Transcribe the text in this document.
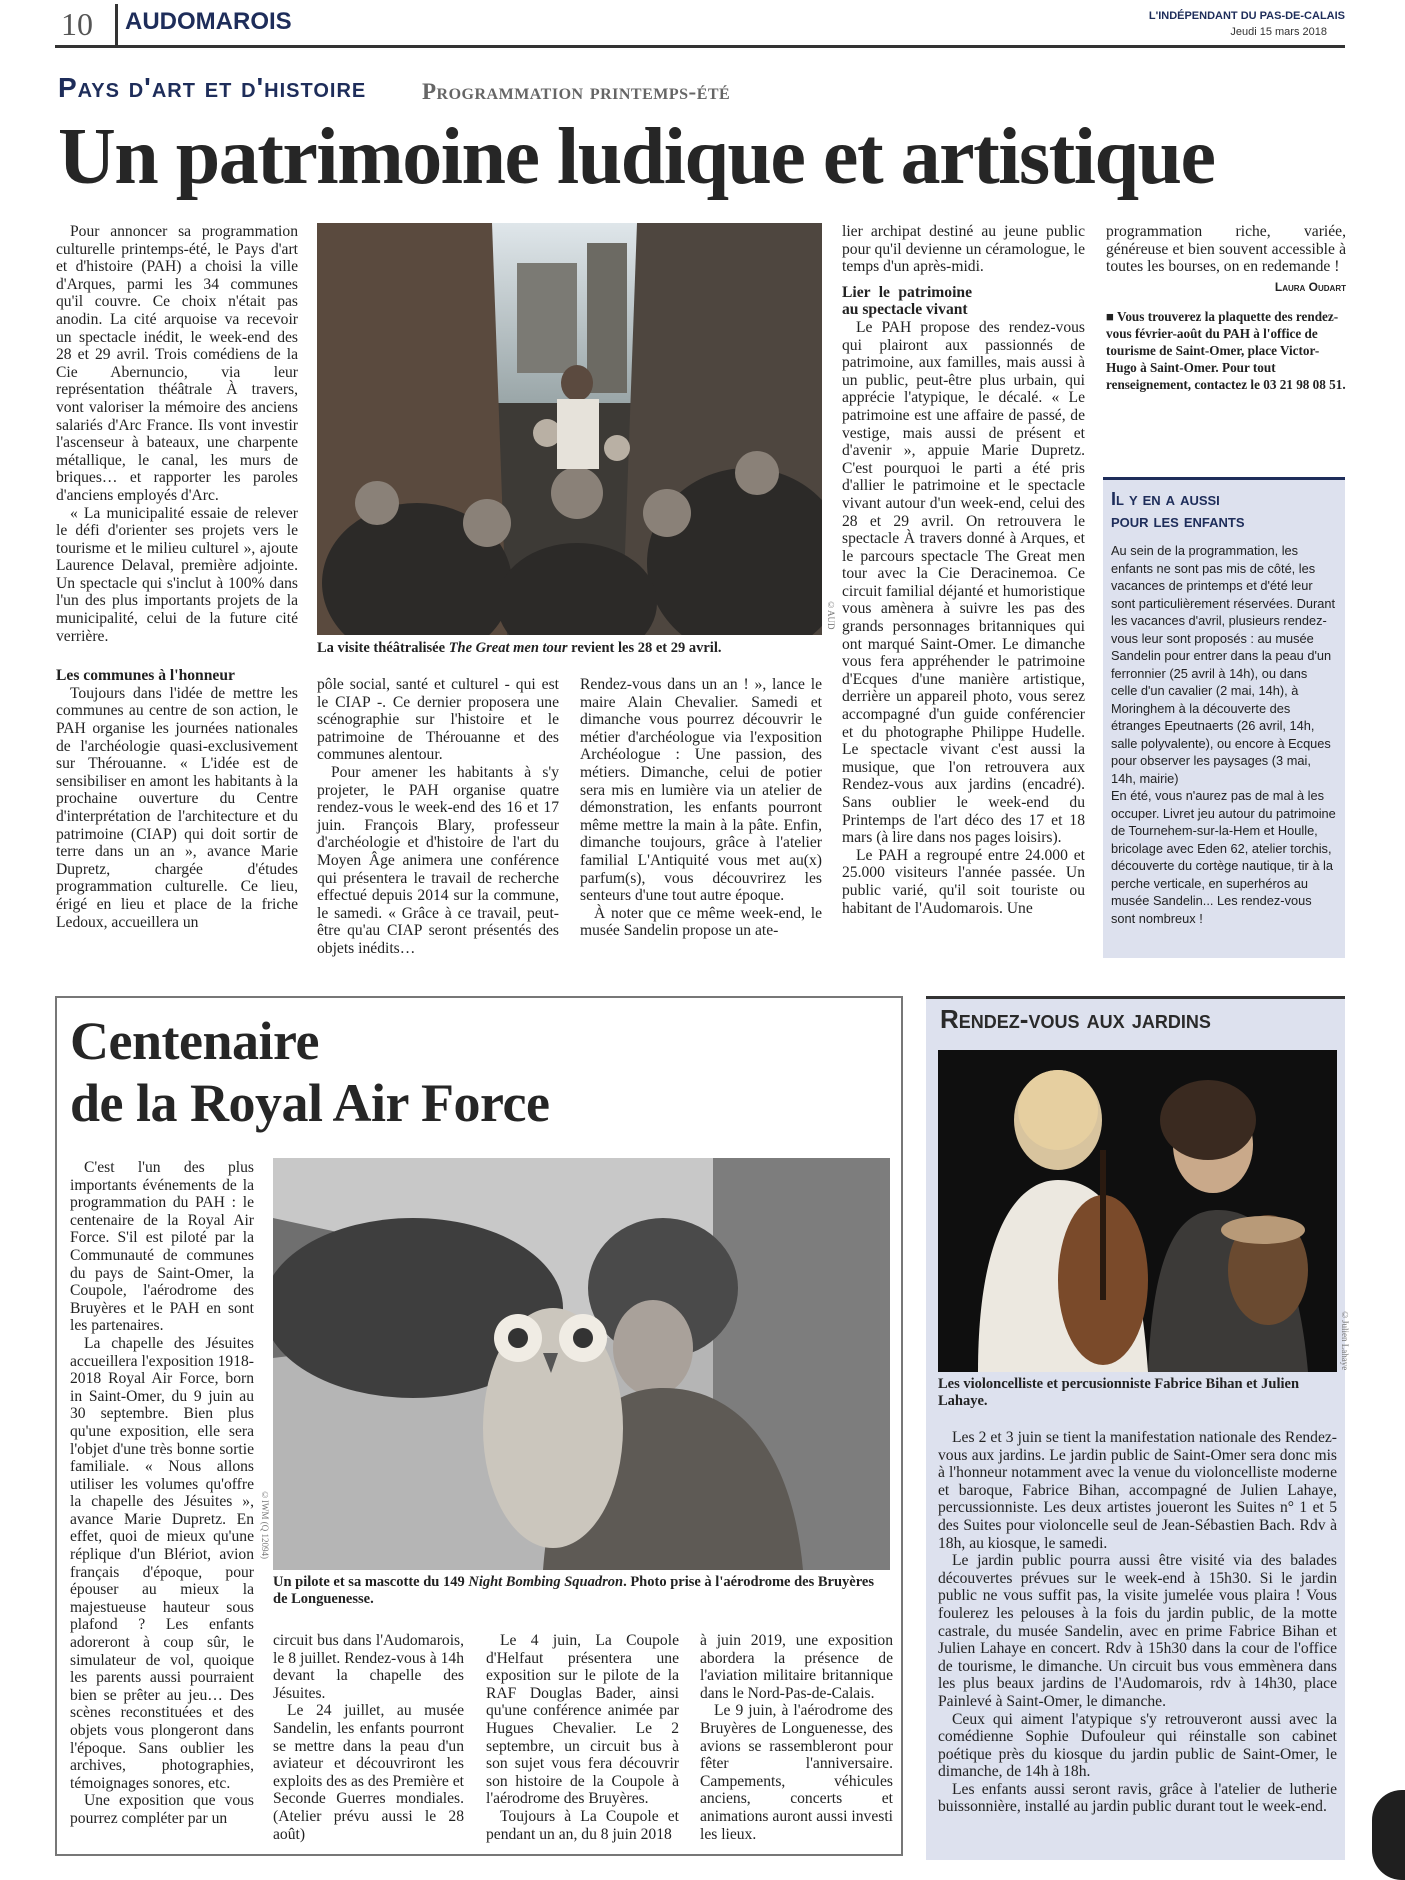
10 AUDOMAROIS	L'INDÉPENDANT DU PAS-DE-CALAIS
Jeudi 15 mars 2018
Pays d'art et d'histoire Programmation printemps-été
Un patrimoine ludique et artistique

Pour annoncer sa programmation culturelle printemps-été, le Pays d'art et d'histoire (PAH) a choisi la ville d'Arques, parmi les 34 communes qu'il couvre. Ce choix n'était pas anodin. La cité arquoise va recevoir un spectacle inédit, le week-end des 28 et 29 avril. Trois comédiens de la Cie Abernuncio, via leur représentation théâtrale À travers, vont valoriser la mémoire des anciens salariés d'Arc France. Ils vont investir l'ascenseur à bateaux, une charpente métallique, le canal, les murs de briques… et rapporter les paroles d'anciens employés d'Arc.

« La municipalité essaie de relever le défi d'orienter ses projets vers le tourisme et le milieu culturel », ajoute Laurence Delaval, première adjointe. Un spectacle qui s'inclut à 100% dans l'un des plus importants projets de la municipalité, celui de la future cité verrière.

Les communes à l'honneur

Toujours dans l'idée de mettre les communes au centre de son action, le PAH organise les journées nationales de l'archéologie quasi-exclusivement sur Thérouanne. « L'idée est de sensibiliser en amont les habitants à la prochaine ouverture du Centre d'interprétation de l'architecture et du patrimoine (CIAP) qui doit sortir de terre dans un an », avance Marie Dupretz, chargée d'études programmation culturelle. Ce lieu, érigé en lieu et place de la friche Ledoux, accueillera un

©AUD
La visite théâtralisée The Great men tour revient les 28 et 29 avril.

pôle social, santé et culturel - qui est le CIAP -. Ce dernier proposera une scénographie sur l'histoire et le patrimoine de Thérouanne et des communes alentour.

Pour amener les habitants à s'y projeter, le PAH organise quatre rendez-vous le week-end des 16 et 17 juin. François Blary, professeur d'archéologie et d'histoire de l'art du Moyen Âge animera une conférence qui présentera le travail de recherche effectué depuis 2014 sur la commune, le samedi. « Grâce à ce travail, peut-être qu'au CIAP seront présentés des objets inédits…

Rendez-vous dans un an ! », lance le maire Alain Chevalier. Samedi et dimanche vous pourrez découvrir le métier d'archéologue via l'exposition Archéologue : Une passion, des métiers. Dimanche, celui de potier sera mis en lumière via un atelier de démonstration, les enfants pourront même mettre la main à la pâte. Enfin, dimanche toujours, grâce à l'atelier familial L'Antiquité vous met au(x) parfum(s), vous découvrirez les senteurs d'une tout autre époque.

À noter que ce même week-end, le musée Sandelin propose un ate-

lier archipat destiné au jeune public pour qu'il devienne un céramologue, le temps d'un après-midi.

Lier le patrimoine au spectacle vivant

Le PAH propose des rendez-vous qui plairont aux passionnés de patrimoine, aux familles, mais aussi à un public, peut-être plus urbain, qui apprécie l'atypique, le décalé. « Le patrimoine est une affaire de passé, de vestige, mais aussi de présent et d'avenir », appuie Marie Dupretz. C'est pourquoi le parti a été pris d'allier le patrimoine et le spectacle vivant autour d'un week-end, celui des 28 et 29 avril. On retrouvera le spectacle À travers donné à Arques, et le parcours spectacle The Great men tour avec la Cie Deracinemoa. Ce circuit familial déjanté et humoristique vous amènera à suivre les pas des grands personnages britanniques qui ont marqué Saint-Omer. Le dimanche vous fera appréhender le patrimoine d'Ecques d'une manière artistique, derrière un appareil photo, vous serez accompagné d'un guide conférencier et du photographe Philippe Hudelle. Le spectacle vivant c'est aussi la musique, que l'on retrouvera aux Rendez-vous aux jardins (encadré). Sans oublier le week-end du Printemps de l'art déco des 17 et 18 mars (à lire dans nos pages loisirs).

Le PAH a regroupé entre 24.000 et 25.000 visiteurs l'année passée. Un public varié, qu'il soit touriste ou habitant de l'Audomarois. Une

programmation riche, variée, généreuse et bien souvent accessible à toutes les bourses, on en redemande !

Laura Oudart
■ Vous trouverez la plaquette des rendez-vous février-août du PAH à l'office de tourisme de Saint-Omer, place Victor-Hugo à Saint-Omer. Pour tout renseignement, contactez le 03 21 98 08 51.
Il y en a aussi
pour les enfants
Au sein de la programmation, les enfants ne sont pas mis de côté, les vacances de printemps et d'été leur sont particulièrement réservées. Durant les vacances d'avril, plusieurs rendez-vous leur sont proposés : au musée Sandelin pour entrer dans la peau d'un ferronnier (25 avril à 14h), ou dans celle d'un cavalier (2 mai, 14h), à Moringhem à la découverte des étranges Epeutnaerts (26 avril, 14h, salle polyvalente), ou encore à Ecques pour observer les paysages (3 mai, 14h, mairie)
En été, vous n'aurez pas de mal à les occuper. Livret jeu autour du patrimoine de Tournehem-sur-la-Hem et Houlle, bricolage avec Eden 62, atelier torchis, découverte du cortège nautique, tir à la perche verticale, en superhéros au musée Sandelin... Les rendez-vous sont nombreux !
Centenaire
de la Royal Air Force

C'est l'un des plus importants événements de la programmation du PAH : le centenaire de la Royal Air Force. S'il est piloté par la Communauté de communes du pays de Saint-Omer, la Coupole, l'aérodrome des Bruyères et le PAH en sont les partenaires.

La chapelle des Jésuites accueillera l'exposition 1918-2018 Royal Air Force, born in Saint-Omer, du 9 juin au 30 septembre. Bien plus qu'une exposition, elle sera l'objet d'une très bonne sortie familiale. « Nous allons utiliser les volumes qu'offre la chapelle des Jésuites », avance Marie Dupretz. En effet, quoi de mieux qu'une réplique d'un Blériot, avion français d'époque, pour épouser au mieux la majestueuse hauteur sous plafond ? Les enfants adoreront à coup sûr, le simulateur de vol, quoique les parents aussi pourraient bien se prêter au jeu… Des scènes reconstituées et des objets vous plongeront dans l'époque. Sans oublier les archives, photographies, témoignages sonores, etc.

Une exposition que vous pourrez compléter par un

©IWM (Q 12094)
Un pilote et sa mascotte du 149 Night Bombing Squadron. Photo prise à l'aérodrome des Bruyères de Longuenesse.

circuit bus dans l'Audomarois, le 8 juillet. Rendez-vous à 14h devant la chapelle des Jésuites.

Le 24 juillet, au musée Sandelin, les enfants pourront se mettre dans la peau d'un aviateur et découvriront les exploits des as des Première et Seconde Guerres mondiales. (Atelier prévu aussi le 28 août)

Le 4 juin, La Coupole d'Helfaut présentera une exposition sur le pilote de la RAF Douglas Bader, ainsi qu'une conférence animée par Hugues Chevalier. Le 2 septembre, un circuit bus à son sujet vous fera découvrir son histoire de la Coupole à l'aérodrome des Bruyères.

Toujours à La Coupole et pendant un an, du 8 juin 2018

à juin 2019, une exposition abordera la présence de l'aviation militaire britannique dans le Nord-Pas-de-Calais.

Le 9 juin, à l'aérodrome des Bruyères de Longuenesse, des avions se rassembleront pour fêter l'anniversaire. Campements, véhicules anciens, concerts et animations auront aussi investi les lieux.

Rendez-vous aux jardins
©Julien Lahaye
Les violoncelliste et percusionniste Fabrice Bihan et Julien Lahaye.

Les 2 et 3 juin se tient la manifestation nationale des Rendez-vous aux jardins. Le jardin public de Saint-Omer sera donc mis à l'honneur notamment avec la venue du violoncelliste moderne et baroque, Fabrice Bihan, accompagné de Julien Lahaye, percussionniste. Les deux artistes joueront les Suites n° 1 et 5 des Suites pour violoncelle seul de Jean-Sébastien Bach. Rdv à 18h, au kiosque, le samedi.

Le jardin public pourra aussi être visité via des balades découvertes prévues sur le week-end à 15h30. Si le jardin public ne vous suffit pas, la visite jumelée vous plaira ! Vous foulerez les pelouses à la fois du jardin public, de la motte castrale, du musée Sandelin, avec en prime Fabrice Bihan et Julien Lahaye en concert. Rdv à 15h30 dans la cour de l'office de tourisme, le dimanche. Un circuit bus vous emmènera dans les plus beaux jardins de l'Audomarois, rdv à 14h30, place Painlevé à Saint-Omer, le dimanche.

Ceux qui aiment l'atypique s'y retrouveront aussi avec la comédienne Sophie Dufouleur qui réinstalle son cabinet poétique près du kiosque du jardin public de Saint-Omer, le dimanche, de 14h à 18h.

Les enfants aussi seront ravis, grâce à l'atelier de lutherie buissonnière, installé au jardin public durant tout le week-end.
